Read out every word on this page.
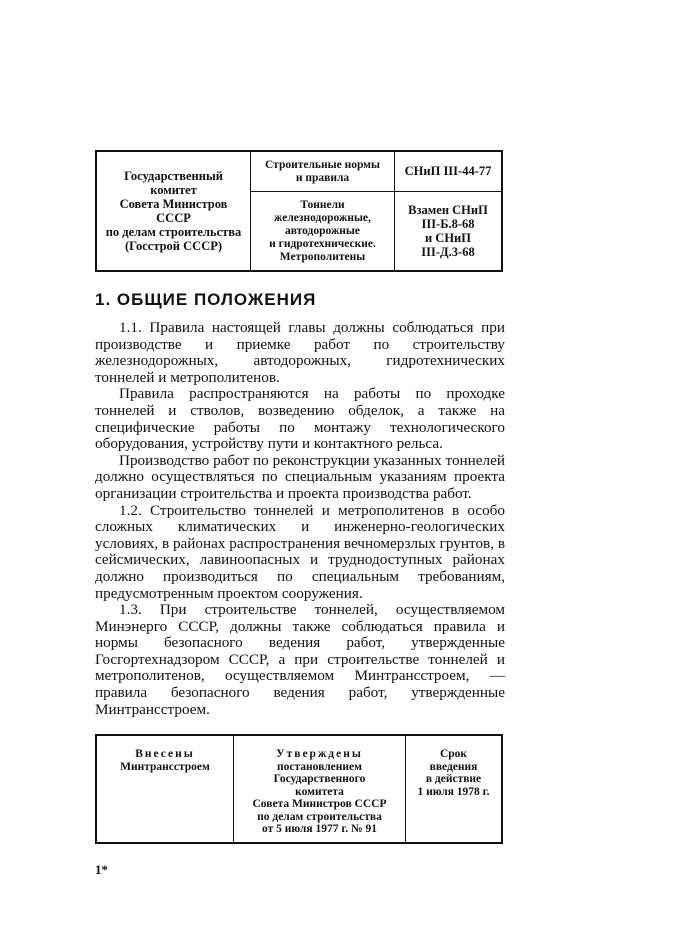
Государственный
комитет
Совета Министров СССР
по делам строительства
(Госстрой СССР)
Строительные нормы
и правила	СНиП III-44-77
Тоннели
железнодорожные,
автодорожные
и гидротехнические.
Метрополитены
Взамен СНиП
III-Б.8-68
и СНиП
III-Д.3-68
1. ОБЩИЕ ПОЛОЖЕНИЯ

1.1. Правила настоящей главы должны соблюдаться при производстве и приемке работ по строительству железнодорожных, автодорожных, гидротехнических тоннелей и метрополитенов.

Правила распространяются на работы по проходке тоннелей и стволов, возведению обделок, а также на специфические работы по монтажу технологического оборудования, устройству пути и контактного рельса.

Производство работ по реконструкции указанных тоннелей должно осуществляться по специальным указаниям проекта организации строительства и проекта производства работ.

1.2. Строительство тоннелей и метрополитенов в особо сложных климатических и инженерно-геологических условиях, в районах распространения вечномерзлых грунтов, в сейсмических, лавиноопасных и труднодоступных районах должно производиться по специальным требованиям, предусмотренным проектом сооружения.

1.3. При строительстве тоннелей, осуществляемом Минэнерго СССР, должны также соблюдаться правила и нормы безопасного ведения работ, утвержденные Госгортехнадзором СССР, а при строительстве тоннелей и метрополитенов, осуществляемом Минтрансстроем, — правила безопасного ведения работ, утвержденные Минтрансстроем.

Внесены
Минтрансстроем
Утверждены
постановлением
Государственного
комитета
Совета Министров СССР
по делам строительства
от 5 июля 1977 г. № 91
Срок
введения
в действие
1 июля 1978 г.
1*
